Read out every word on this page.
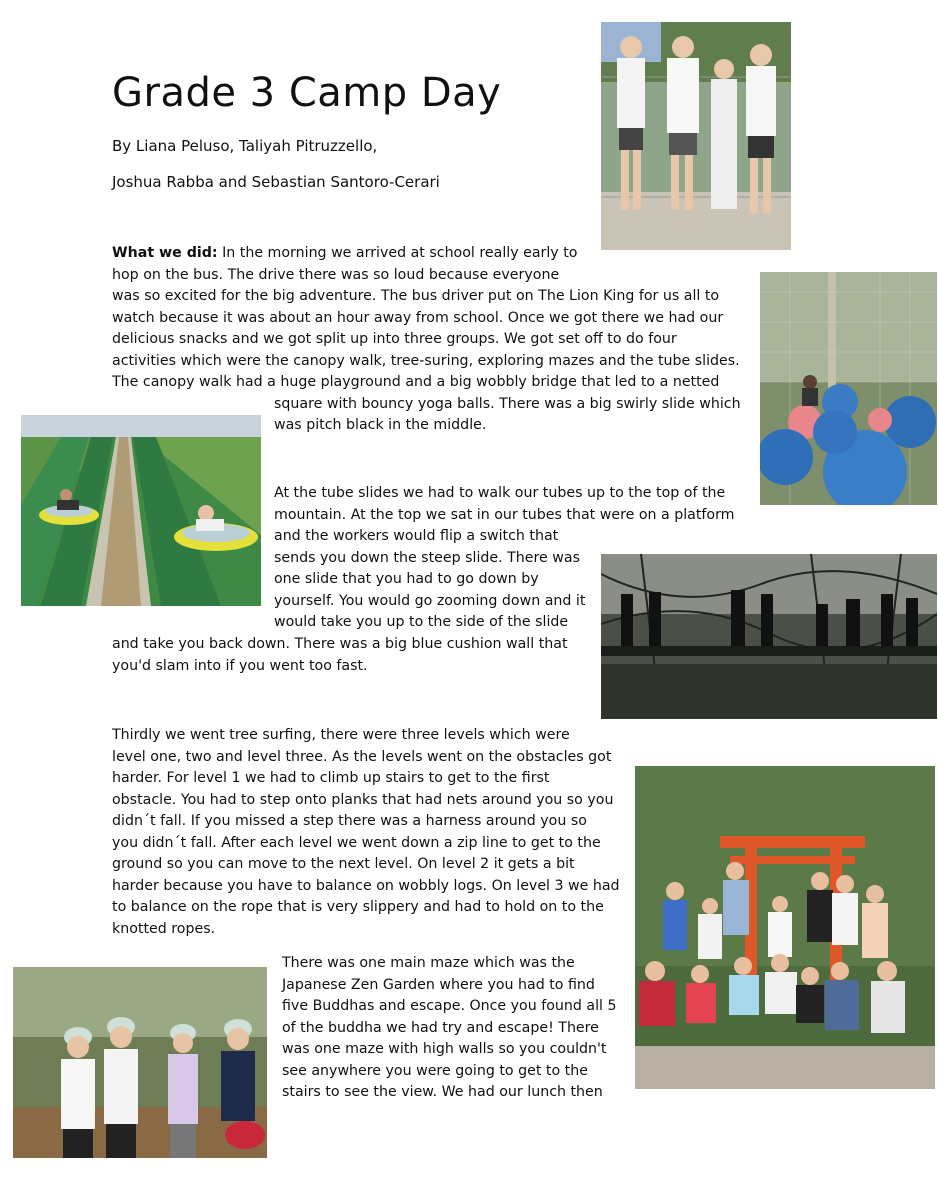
Grade 3 Camp Day
By Liana Peluso, Taliyah Pitruzzello,
Joshua Rabba and Sebastian Santoro-Cerari
What we did: In the morning we arrived at school really early to
hop on the bus. The drive there was so loud because everyone
was so excited for the big adventure. The bus driver put on The Lion King for us all to
watch because it was about an hour away from school. Once we got there we had our
delicious snacks and we got split up into three groups. We got set off to do four
activities which were the canopy walk, tree-suring, exploring mazes and the tube slides.
The canopy walk had a huge playground and a big wobbly bridge that led to a netted
square with bouncy yoga balls. There was a big swirly slide which
was pitch black in the middle.
At the tube slides we had to walk our tubes up to the top of the
mountain. At the top we sat in our tubes that were on a platform
and the workers would flip a switch that
sends you down the steep slide. There was
one slide that you had to go down by
yourself. You would go zooming down and it
would take you up to the side of the slide
and take you back down. There was a big blue cushion wall that
you'd slam into if you went too fast.
Thirdly we went tree surfing, there were three levels which were
level one, two and level three. As the levels went on the obstacles got
harder. For level 1 we had to climb up stairs to get to the first
obstacle. You had to step onto planks that had nets around you so you
didn´t fall. If you missed a step there was a harness around you so
you didn´t fall. After each level we went down a zip line to get to the
ground so you can move to the next level. On level 2 it gets a bit
harder because you have to balance on wobbly logs. On level 3 we had
to balance on the rope that is very slippery and had to hold on to the
knotted ropes.
There was one main maze which was the
Japanese Zen Garden where you had to find
five Buddhas and escape. Once you found all 5
of the buddha we had try and escape! There
was one maze with high walls so you couldn't
see anywhere you were going to get to the
stairs to see the view. We had our lunch then
